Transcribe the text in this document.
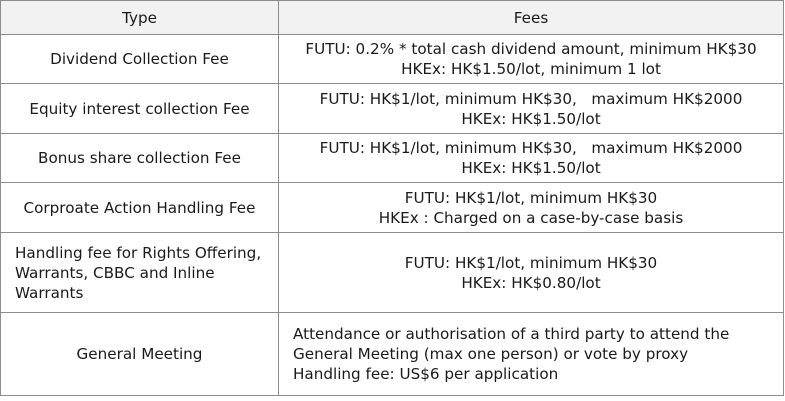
Type	Fees

Dividend Collection Fee	FUTU: 0.2% * total cash dividend amount, minimum HK$30
HKEx: HK$1.50/lot, minimum 1 lot

Equity interest collection Fee	FUTU: HK$1/lot, minimum HK$30,   maximum HK$2000
HKEx: HK$1.50/lot

Bonus share collection Fee	FUTU: HK$1/lot, minimum HK$30,   maximum HK$2000
HKEx: HK$1.50/lot

Corproate Action Handling Fee	FUTU: HK$1/lot, minimum HK$30
HKEx : Charged on a case-by-case basis

Handling fee for Rights Offering,
Warrants, CBBC and Inline
Warrants	FUTU: HK$1/lot, minimum HK$30
HKEx: HK$0.80/lot

General Meeting	Attendance or authorisation of a third party to attend the
General Meeting (max one person) or vote by proxy
Handling fee: US$6 per application
